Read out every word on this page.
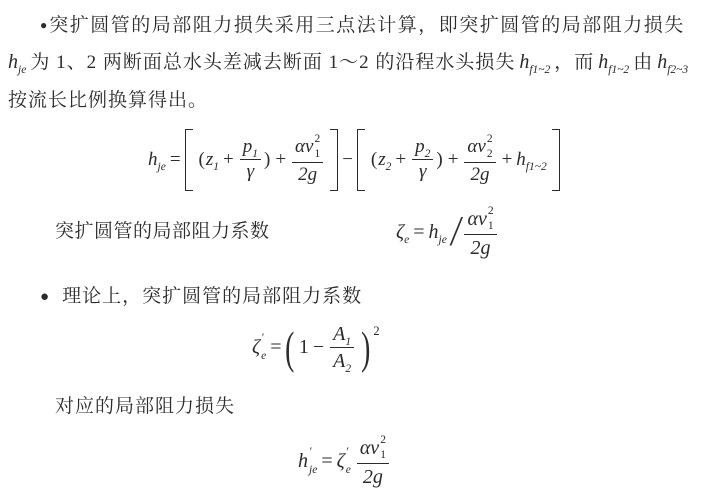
● 突扩圆管的局部阻力损失采用三点法计算，即突扩圆管的局部阻力损失
$h_{je}$ 为 1、2 两断面总水头差减去断面 1～2 的沿程水头损失 $h_{f1\sim 2}$ ，而 $h_{f1\sim 2}$ 由 $h_{f2\sim 3}$
按流长比例换算得出。
$h_{je}$ = ( $z_1 + \frac{p_1}{\gamma}$ ) + αv 2
1
2g − ( $z_2 + \frac{p_2}{\gamma}$ ) + αv 2
2
$2g + h_{f1\sim 2}$
突扩圆管的局部阻力系数	$\zeta_e = h_{je} / \alpha v$ 2
1
2g
● 理论上，突扩圆管的局部阻力系数
ζ ′
e = ( $1 - \frac{A_1}{A_2}$ ) 2
对应的局部阻力损失
h ′
je = ζ ′
e αv 2
1
2g
